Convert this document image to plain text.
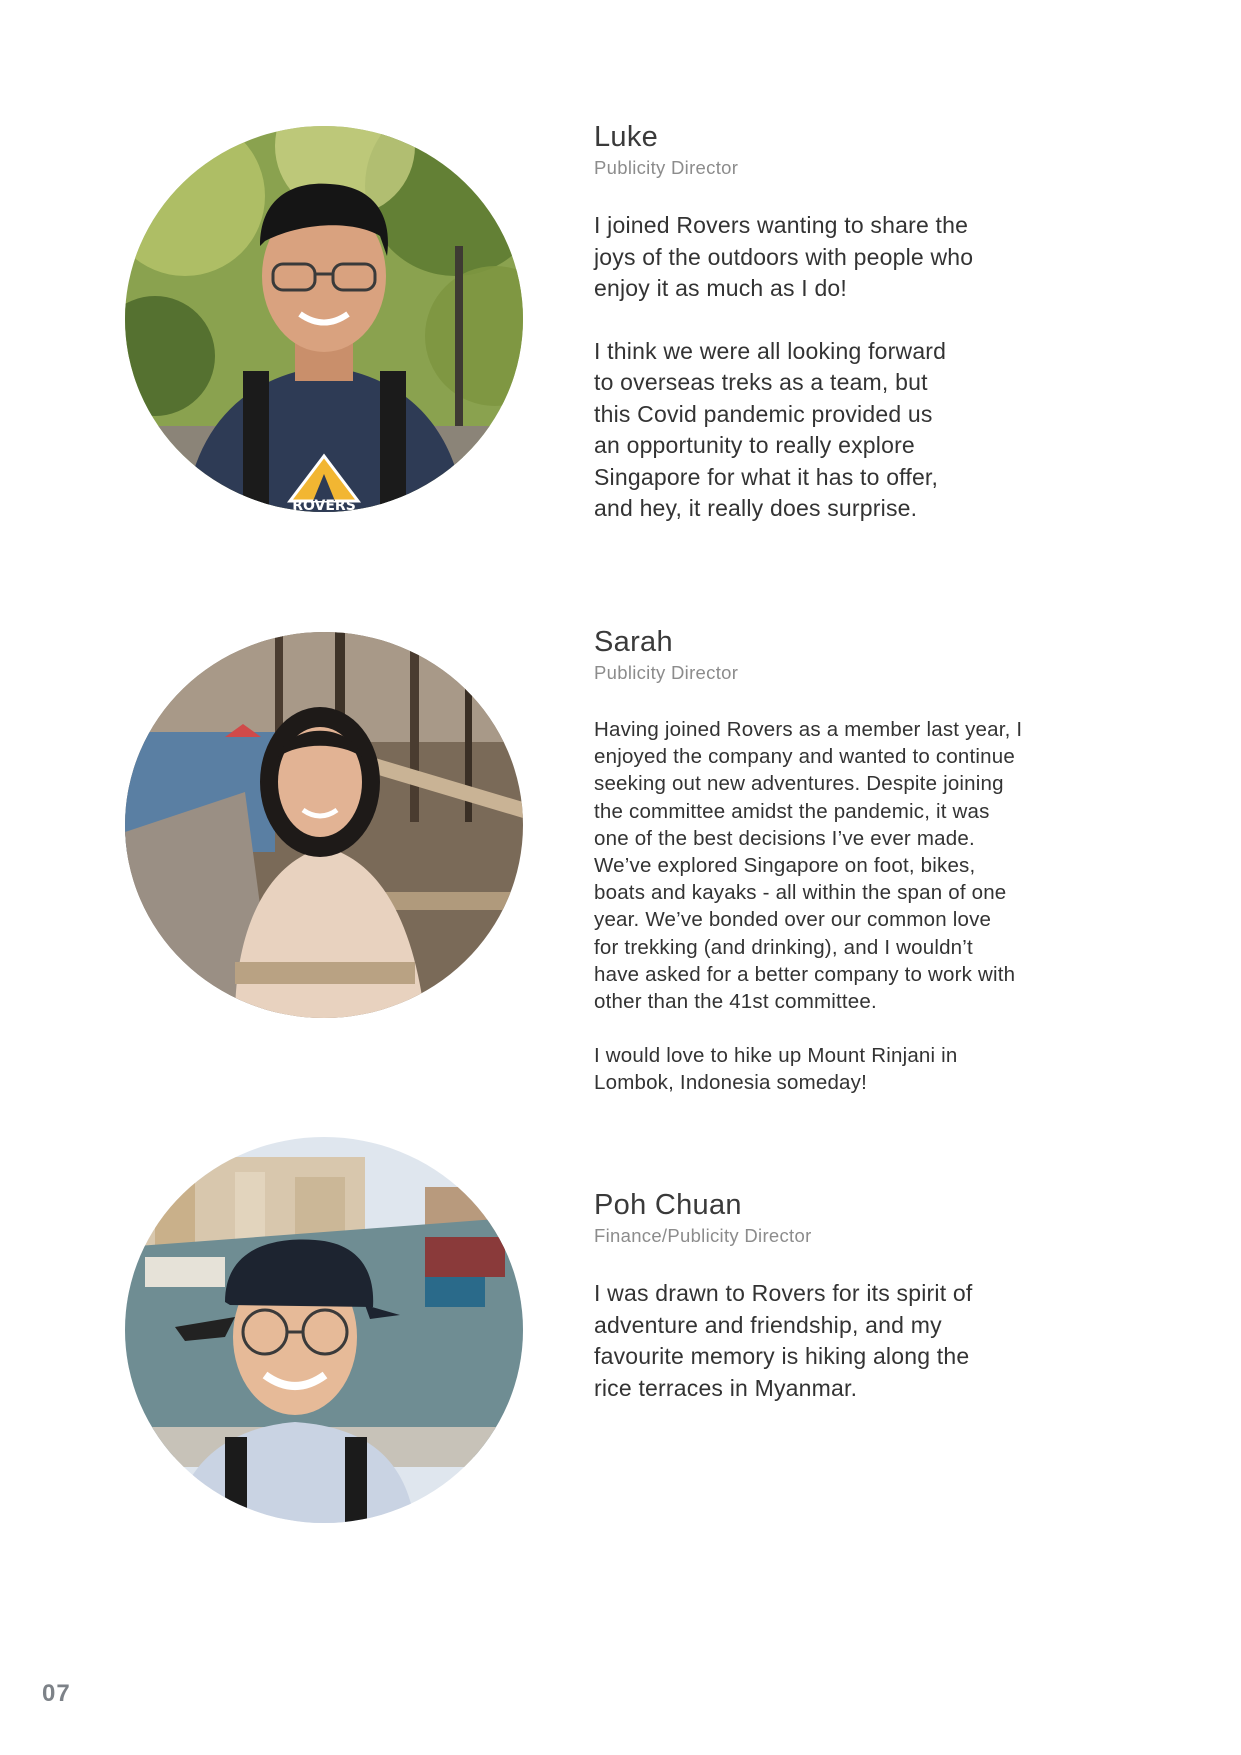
ROVERS
Luke

Publicity Director

I joined Rovers wanting to share the
joys of the outdoors with people who
enjoy it as much as I do!

I think we were all looking forward
to overseas treks as a team, but
this Covid pandemic provided us
an opportunity to really explore
Singapore for what it has to offer,
and hey, it really does surprise.

Sarah

Publicity Director

Having joined Rovers as a member last year, I
enjoyed the company and wanted to continue
seeking out new adventures. Despite joining
the committee amidst the pandemic, it was
one of the best decisions I’ve ever made.
We’ve explored Singapore on foot, bikes,
boats and kayaks - all within the span of one
year. We’ve bonded over our common love
for trekking (and drinking), and I wouldn’t
have asked for a better company to work with
other than the 41st committee.

I would love to hike up Mount Rinjani in
Lombok, Indonesia someday!

Poh Chuan

Finance/Publicity Director

I was drawn to Rovers for its spirit of
adventure and friendship, and my
favourite memory is hiking along the
rice terraces in Myanmar.

07
